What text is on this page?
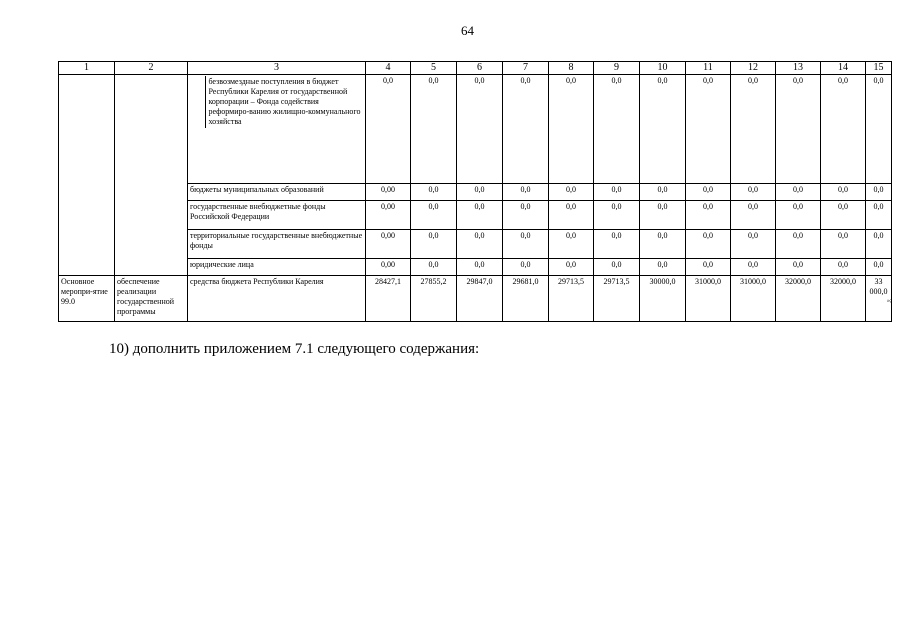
64
1	2	3	4	5	6	7	8	9	10	11	12	13	14	15

		безвозмездные поступления в бюджет Республики Карелия от государственной корпорации – Фонда содействия реформиро-ванию жилищно-коммунального хозяйства	0,0	0,0	0,0	0,0	0,0	0,0	0,0	0,0	0,0	0,0	0,0	0,0
		бюджеты муниципальных образований	0,00	0,0	0,0	0,0	0,0	0,0	0,0	0,0	0,0	0,0	0,0	0,0
		государственные внебюджетные фонды Российской Федерации	0,00	0,0	0,0	0,0	0,0	0,0	0,0	0,0	0,0	0,0	0,0	0,0
		территориальные государственные внебюджетные фонды	0,00	0,0	0,0	0,0	0,0	0,0	0,0	0,0	0,0	0,0	0,0	0,0
		юридические лица	0,00	0,0	0,0	0,0	0,0	0,0	0,0	0,0	0,0	0,0	0,0	0,0
Основное меропри-ятие 99.0	обеспечение реализации государственной программы	средства бюджета Республики Карелия	28427,1	27855,2	29847,0	29681,0	29713,5	29713,5	30000,0	31000,0	31000,0	32000,0	32000,0	33 000,0
»;
10) дополнить приложением 7.1 следующего содержания:
